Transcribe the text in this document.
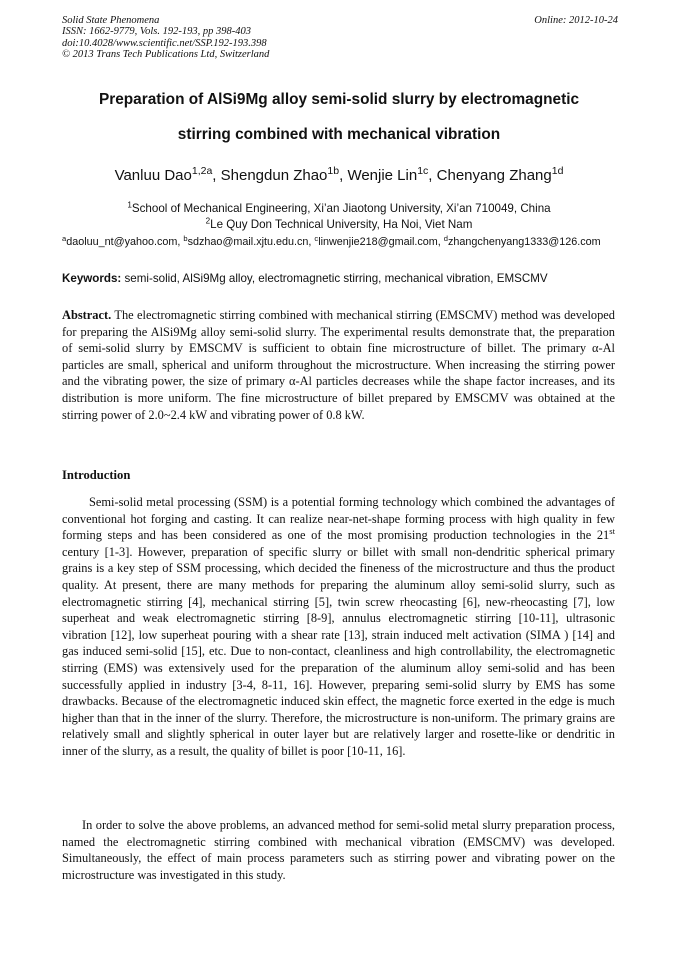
Solid State Phenomena
ISSN: 1662-9779, Vols. 192-193, pp 398-403
doi:10.4028/www.scientific.net/SSP.192-193.398
© 2013 Trans Tech Publications Ltd, Switzerland
Online: 2012-10-24
Preparation of AlSi9Mg alloy semi-solid slurry by electromagnetic
stirring combined with mechanical vibration
Vanluu Dao$^{1,2a}$, Shengdun Zhao$^{1b}$, Wenjie Lin$^{1c}$, Chenyang Zhang$^{1d}$
$^1$School of Mechanical Engineering, Xi’an Jiaotong University, Xi’an 710049, China
$^2$Le Quy Don Technical University, Ha Noi, Viet Nam
$^a$daoluu_nt@yahoo.com, $^b$sdzhao@mail.xjtu.edu.cn, $^c$linwenjie218@gmail.com, $^d$zhangchenyang1333@126.com
Keywords: semi-solid, AlSi9Mg alloy, electromagnetic stirring, mechanical vibration, EMSCMV

Abstract. The electromagnetic stirring combined with mechanical stirring (EMSCMV) method was developed for preparing the AlSi9Mg alloy semi-solid slurry. The experimental results demonstrate that, the preparation of semi-solid slurry by EMSCMV is sufficient to obtain fine microstructure of billet. The primary α-Al particles are small, spherical and uniform throughout the microstructure. When increasing the stirring power and the vibrating power, the size of primary α-Al particles decreases while the shape factor increases, and its distribution is more uniform. The fine microstructure of billet prepared by EMSCMV was obtained at the stirring power of 2.0~2.4 kW and vibrating power of 0.8 kW.

Introduction

Semi-solid metal processing (SSM) is a potential forming technology which combined the advantages of conventional hot forging and casting. It can realize near-net-shape forming process with high quality in few forming steps and has been considered as one of the most promising production technologies in the 21st century [1-3]. However, preparation of specific slurry or billet with small non-dendritic spherical primary grains is a key step of SSM processing, which decided the fineness of the microstructure and thus the product quality. At present, there are many methods for preparing the aluminum alloy semi-solid slurry, such as electromagnetic stirring [4], mechanical stirring [5], twin screw rheocasting [6], new-rheocasting [7], low superheat and weak electromagnetic stirring [8-9], annulus electromagnetic stirring [10-11], ultrasonic vibration [12], low superheat pouring with a shear rate [13], strain induced melt activation (SIMA ) [14] and gas induced semi-solid [15], etc. Due to non-contact, cleanliness and high controllability, the electromagnetic stirring (EMS) was extensively used for the preparation of the aluminum alloy semi-solid and has been successfully applied in industry [3-4, 8-11, 16]. However, preparing semi-solid slurry by EMS has some drawbacks. Because of the electromagnetic induced skin effect, the magnetic force exerted in the edge is much higher than that in the inner of the slurry. Therefore, the microstructure is non-uniform. The primary grains are relatively small and slightly spherical in outer layer but are relatively larger and rosette-like or dendritic in inner of the slurry, as a result, the quality of billet is poor [10-11, 16].

In order to solve the above problems, an advanced method for semi-solid metal slurry preparation process, named the electromagnetic stirring combined with mechanical vibration (EMSCMV) was developed. Simultaneously, the effect of main process parameters such as stirring power and vibrating power on the microstructure was investigated in this study.
